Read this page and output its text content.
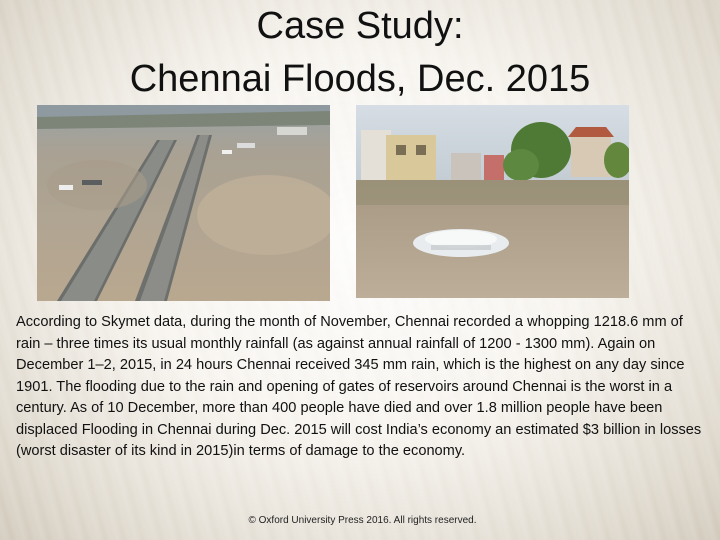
Case Study:
Chennai Floods, Dec. 2015

According to Skymet data, during the month of November, Chennai recorded a whopping 1218.6 mm of rain – three times its usual monthly rainfall (as against annual rainfall of 1200 - 1300 mm). Again on December 1–2, 2015, in 24 hours Chennai received 345 mm rain, which is the highest on any day since 1901. The flooding due to the rain and opening of gates of reservoirs around Chennai is the worst in a century. As of 10 December, more than 400 people have died and over 1.8 million people have been displaced Flooding in Chennai during Dec. 2015 will cost India’s economy an estimated $3 billion in losses (worst disaster of its kind in 2015)in terms of damage to the economy.

© Oxford University Press 2016. All rights reserved.
